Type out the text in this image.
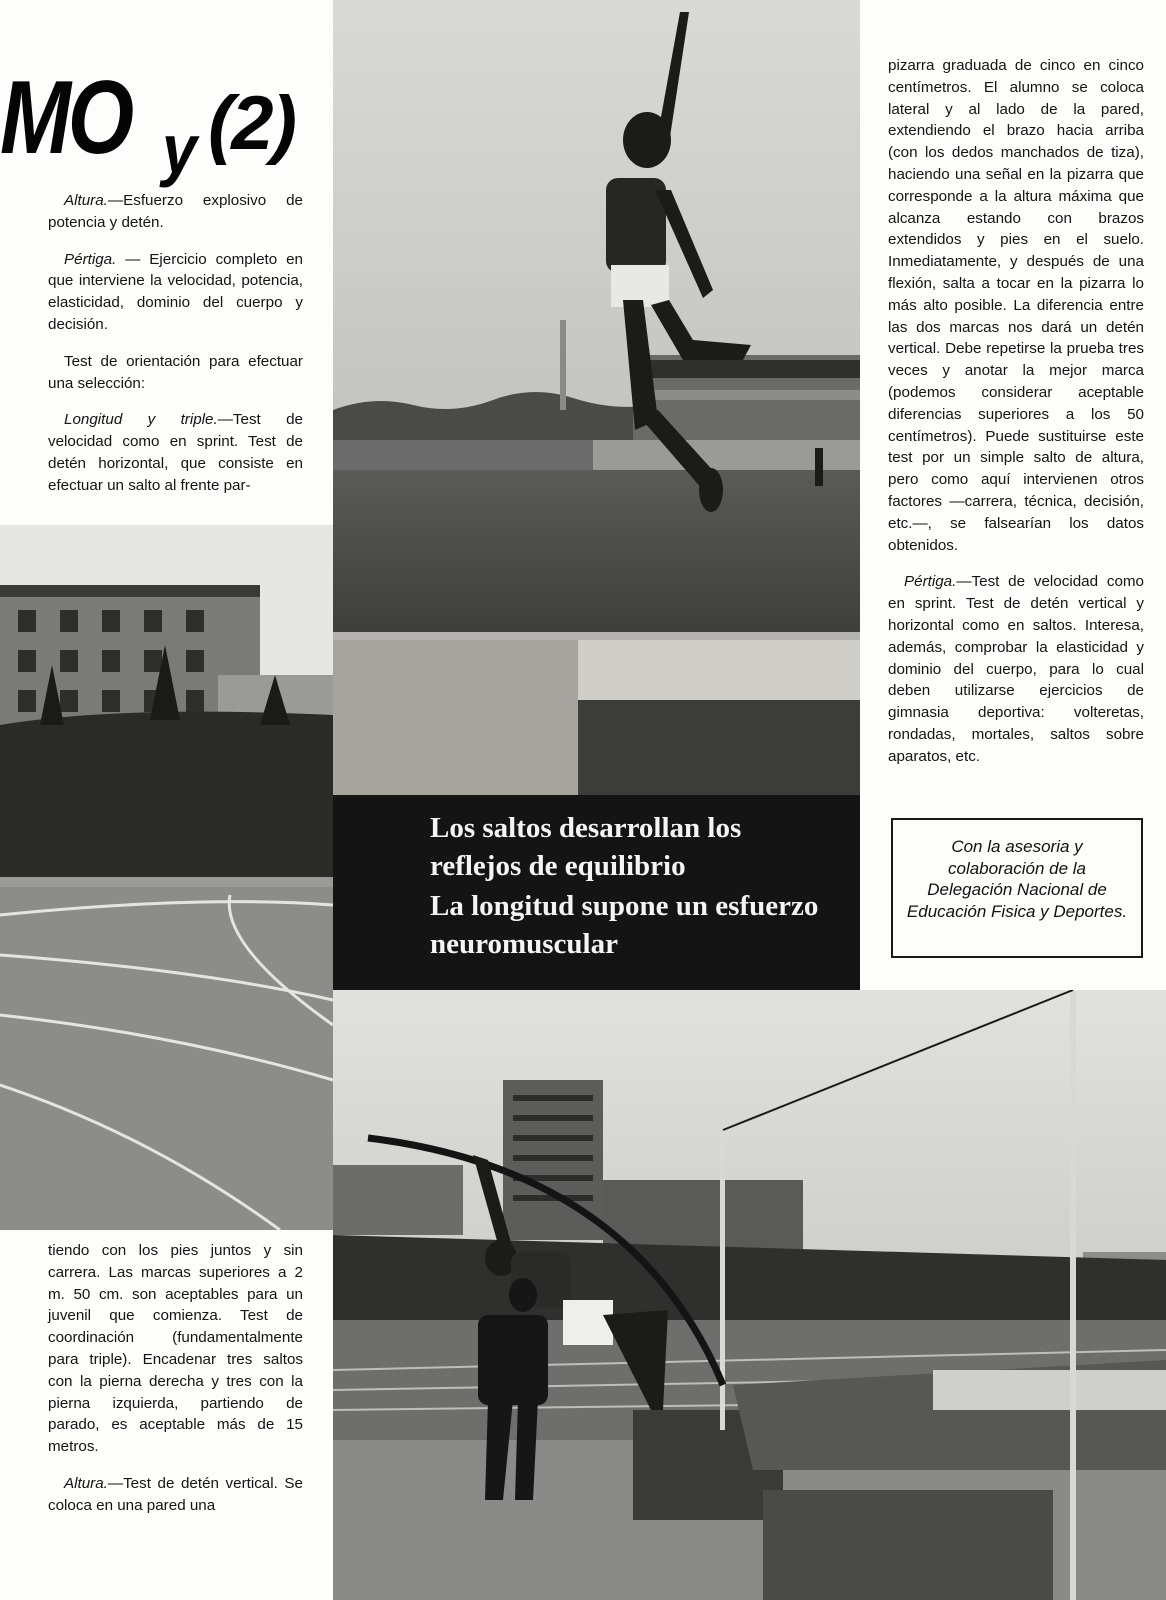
MO y (2)

Altura.—Esfuerzo explosivo de potencia y detén.

Pértiga. — Ejercicio completo en que interviene la velocidad, potencia, elasticidad, dominio del cuerpo y decisión.

Test de orientación para efectuar una selección:

Longitud y triple.—Test de velocidad como en sprint. Test de detén horizontal, que consiste en efectuar un salto al frente par-

tiendo con los pies juntos y sin carrera. Las marcas superiores a 2 m. 50 cm. son aceptables para un juvenil que comienza. Test de coordinación (fundamentalmente para triple). Encadenar tres saltos con la pierna derecha y tres con la pierna izquierda, partiendo de parado, es aceptable más de 15 metros.

Altura.—Test de detén vertical. Se coloca en una pared una

pizarra graduada de cinco en cinco centímetros. El alumno se coloca lateral y al lado de la pared, extendiendo el brazo hacia arriba (con los dedos manchados de tiza), haciendo una señal en la pizarra que corresponde a la altura máxima que alcanza estando con brazos extendidos y pies en el suelo. Inmediatamente, y después de una flexión, salta a tocar en la pizarra lo más alto posible. La diferencia entre las dos marcas nos dará un detén vertical. Debe repetirse la prueba tres veces y anotar la mejor marca (podemos considerar aceptable diferencias superiores a los 50 centímetros). Puede sustituirse este test por un simple salto de altura, pero como aquí intervienen otros factores —carrera, técnica, decisión, etc.—, se falsearían los datos obtenidos.

Pértiga.—Test de velocidad como en sprint. Test de detén vertical y horizontal como en saltos. Interesa, además, comprobar la elasticidad y dominio del cuerpo, para lo cual deben utilizarse ejercicios de gimnasia deportiva: volteretas, rondadas, mortales, saltos sobre aparatos, etc.

Los saltos desarrollan los reflejos de equilibrio
La longitud supone un esfuerzo neuromuscular
Con la asesoria y colaboración de la Delegación Nacional de Educación Fisica y Deportes.
